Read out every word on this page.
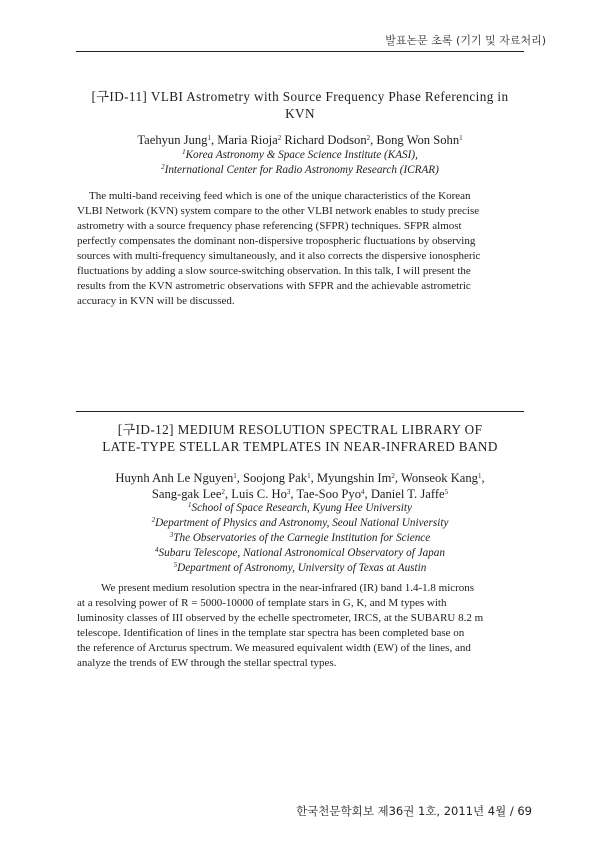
발표논문 초록 (기기 및 자료처리)
[구ID-11] VLBI Astrometry with Source Frequency Phase Referencing in
KVN
Taehyun Jung$^1$, Maria Rioja$^2$ Richard Dodson$^2$, Bong Won Sohn$^1$
$^1$Korea Astronomy & Space Science Institute (KASI),
$^2$International Center for Radio Astronomy Research (ICRAR)
The multi-band receiving feed which is one of the unique characteristics of the Korean
VLBI Network (KVN) system compare to the other VLBI network enables to study precise
astrometry with a source frequency phase referencing (SFPR) techniques. SFPR almost
perfectly compensates the dominant non-dispersive tropospheric fluctuations by observing
sources with multi-frequency simultaneously, and it also corrects the dispersive ionospheric
fluctuations by adding a slow source-switching observation. In this talk, I will present the
results from the KVN astrometric observations with SFPR and the achievable astrometric
accuracy in KVN will be discussed.
[구ID-12] MEDIUM RESOLUTION SPECTRAL LIBRARY OF
LATE-TYPE STELLAR TEMPLATES IN NEAR-INFRARED BAND
Huynh Anh Le Nguyen$^1$, Soojong Pak$^1$, Myungshin Im$^2$, Wonseok Kang$^1$,
Sang-gak Lee$^2$, Luis C. Ho$^3$, Tae-Soo Pyo$^4$, Daniel T. Jaffe$^5$
$^1$School of Space Research, Kyung Hee University
$^2$Department of Physics and Astronomy, Seoul National University
$^3$The Observatories of the Carnegie Institution for Science
$^4$Subaru Telescope, National Astronomical Observatory of Japan
$^5$Department of Astronomy, University of Texas at Austin
We present medium resolution spectra in the near-infrared (IR) band 1.4-1.8 microns
at a resolving power of R = 5000-10000 of template stars in G, K, and M types with
luminosity classes of III observed by the echelle spectrometer, IRCS, at the SUBARU 8.2 m
telescope. Identification of lines in the template star spectra has been completed base on
the reference of Arcturus spectrum. We measured equivalent width (EW) of the lines, and
analyze the trends of EW through the stellar spectral types.
한국천문학회보 제36권 1호, 2011년 4월 / 69
